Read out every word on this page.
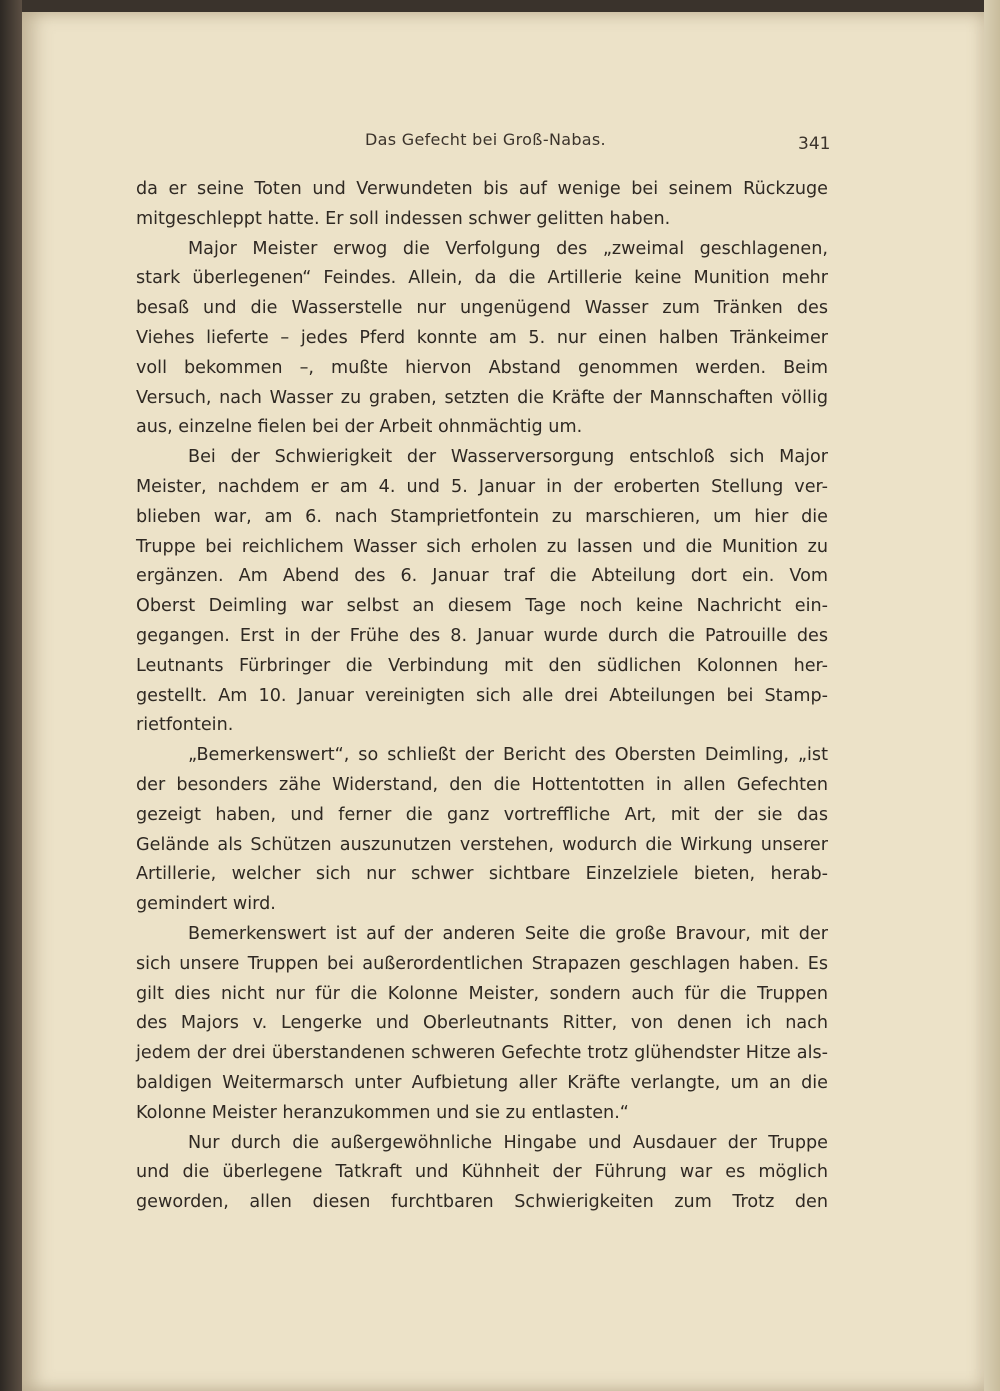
Das Gefecht bei Groß-Nabas.	341
da er seine Toten und Verwundeten bis auf wenige bei seinem Rückzuge
mitgeschleppt hatte. Er soll indessen schwer gelitten haben.
Major Meister erwog die Verfolgung des „zweimal geschlagenen,
stark überlegenen“ Feindes. Allein, da die Artillerie keine Munition mehr
besaß und die Wasserstelle nur ungenügend Wasser zum Tränken des
Viehes lieferte – jedes Pferd konnte am 5. nur einen halben Tränkeimer
voll bekommen –, mußte hiervon Abstand genommen werden. Beim
Versuch, nach Wasser zu graben, setzten die Kräfte der Mannschaften völlig
aus, einzelne fielen bei der Arbeit ohnmächtig um.
Bei der Schwierigkeit der Wasserversorgung entschloß sich Major
Meister, nachdem er am 4. und 5. Januar in der eroberten Stellung ver-
blieben war, am 6. nach Stamprietfontein zu marschieren, um hier die
Truppe bei reichlichem Wasser sich erholen zu lassen und die Munition zu
ergänzen. Am Abend des 6. Januar traf die Abteilung dort ein. Vom
Oberst Deimling war selbst an diesem Tage noch keine Nachricht ein-
gegangen. Erst in der Frühe des 8. Januar wurde durch die Patrouille des
Leutnants Fürbringer die Verbindung mit den südlichen Kolonnen her-
gestellt. Am 10. Januar vereinigten sich alle drei Abteilungen bei Stamp-
rietfontein.
„Bemerkenswert“, so schließt der Bericht des Obersten Deimling, „ist
der besonders zähe Widerstand, den die Hottentotten in allen Gefechten
gezeigt haben, und ferner die ganz vortreffliche Art, mit der sie das
Gelände als Schützen auszunutzen verstehen, wodurch die Wirkung unserer
Artillerie, welcher sich nur schwer sichtbare Einzelziele bieten, herab-
gemindert wird.
Bemerkenswert ist auf der anderen Seite die große Bravour, mit der
sich unsere Truppen bei außerordentlichen Strapazen geschlagen haben. Es
gilt dies nicht nur für die Kolonne Meister, sondern auch für die Truppen
des Majors v. Lengerke und Oberleutnants Ritter, von denen ich nach
jedem der drei überstandenen schweren Gefechte trotz glühendster Hitze als-
baldigen Weitermarsch unter Aufbietung aller Kräfte verlangte, um an die
Kolonne Meister heranzukommen und sie zu entlasten.“
Nur durch die außergewöhnliche Hingabe und Ausdauer der Truppe
und die überlegene Tatkraft und Kühnheit der Führung war es möglich
geworden, allen diesen furchtbaren Schwierigkeiten zum Trotz den
